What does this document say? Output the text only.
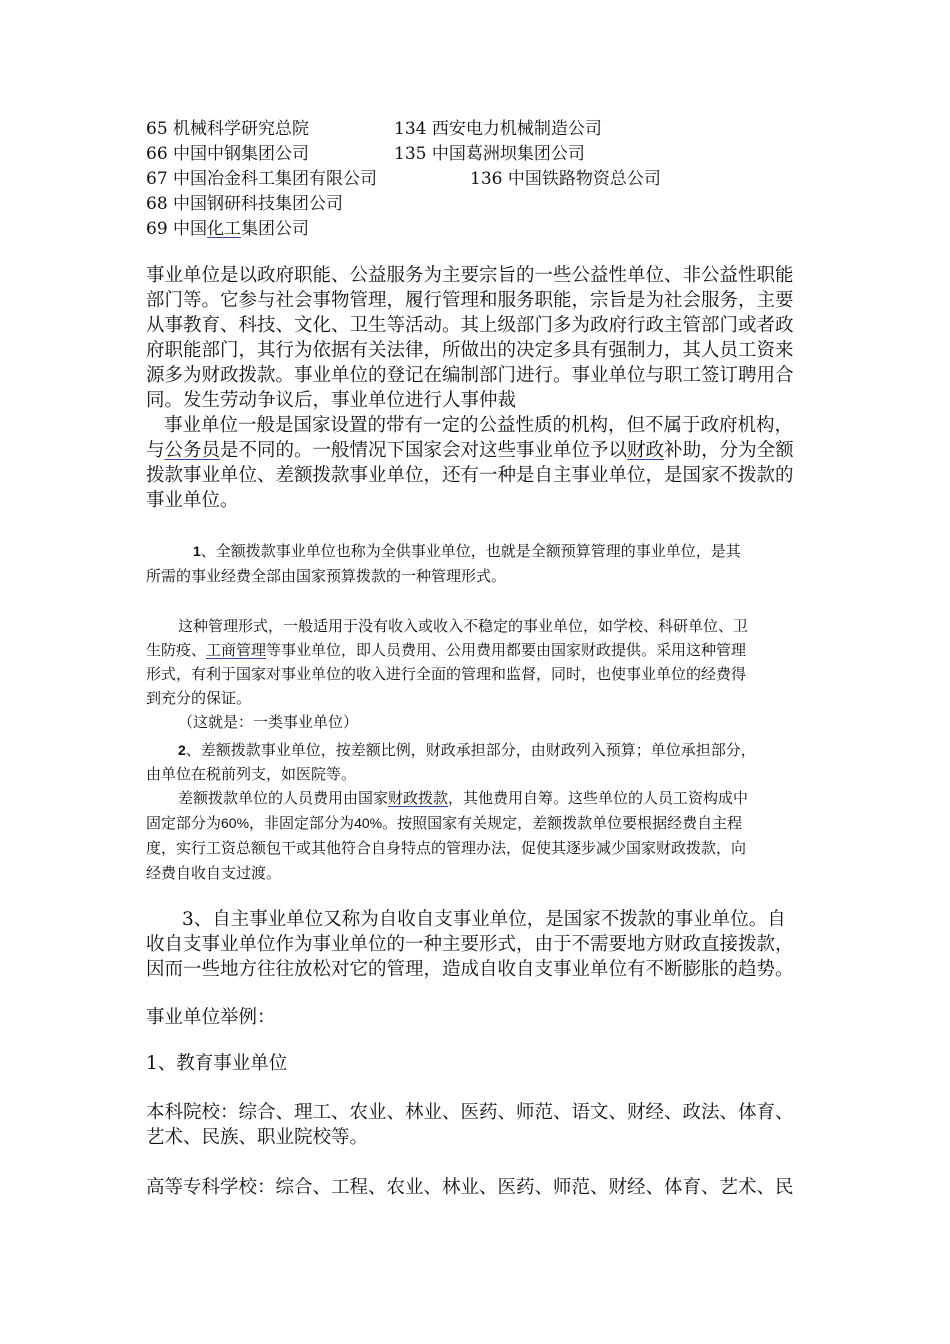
65 机械科学研究总院	134 西安电力机械制造公司
66 中国中钢集团公司	135 中国葛洲坝集团公司
67 中国冶金科工集团有限公司	136 中国铁路物资总公司
68 中国钢研科技集团公司
69 中国化工集团公司
事业单位是以政府职能、公益服务为主要宗旨的一些公益性单位、非公益性职能
部门等。它参与社会事物管理，履行管理和服务职能，宗旨是为社会服务，主要
从事教育、科技、文化、卫生等活动。其上级部门多为政府行政主管部门或者政
府职能部门，其行为依据有关法律，所做出的决定多具有强制力，其人员工资来
源多为财政拨款。事业单位的登记在编制部门进行。事业单位与职工签订聘用合
同。发生劳动争议后，事业单位进行人事仲裁
事业单位一般是国家设置的带有一定的公益性质的机构，但不属于政府机构，
与公务员是不同的。一般情况下国家会对这些事业单位予以财政补助，分为全额
拨款事业单位、差额拨款事业单位，还有一种是自主事业单位，是国家不拨款的
事业单位。
1、全额拨款事业单位也称为全供事业单位，也就是全额预算管理的事业单位，是其
所需的事业经费全部由国家预算拨款的一种管理形式。
这种管理形式，一般适用于没有收入或收入不稳定的事业单位，如学校、科研单位、卫
生防疫、工商管理等事业单位，即人员费用、公用费用都要由国家财政提供。采用这种管理
形式，有利于国家对事业单位的收入进行全面的管理和监督，同时，也使事业单位的经费得
到充分的保证。
（这就是：一类事业单位）
2、差额拨款事业单位，按差额比例，财政承担部分，由财政列入预算；单位承担部分，
由单位在税前列支，如医院等。
差额拨款单位的人员费用由国家财政拨款，其他费用自筹。这些单位的人员工资构成中
固定部分为60%，非固定部分为40%。按照国家有关规定，差额拨款单位要根据经费自主程
度，实行工资总额包干或其他符合自身特点的管理办法，促使其逐步减少国家财政拨款，向
经费自收自支过渡。
3、自主事业单位又称为自收自支事业单位，是国家不拨款的事业单位。自
收自支事业单位作为事业单位的一种主要形式，由于不需要地方财政直接拨款，
因而一些地方往往放松对它的管理，造成自收自支事业单位有不断膨胀的趋势。
事业单位举例：
1、教育事业单位
本科院校：综合、理工、农业、林业、医药、师范、语文、财经、政法、体育、
艺术、民族、职业院校等。
高等专科学校：综合、工程、农业、林业、医药、师范、财经、体育、艺术、民
